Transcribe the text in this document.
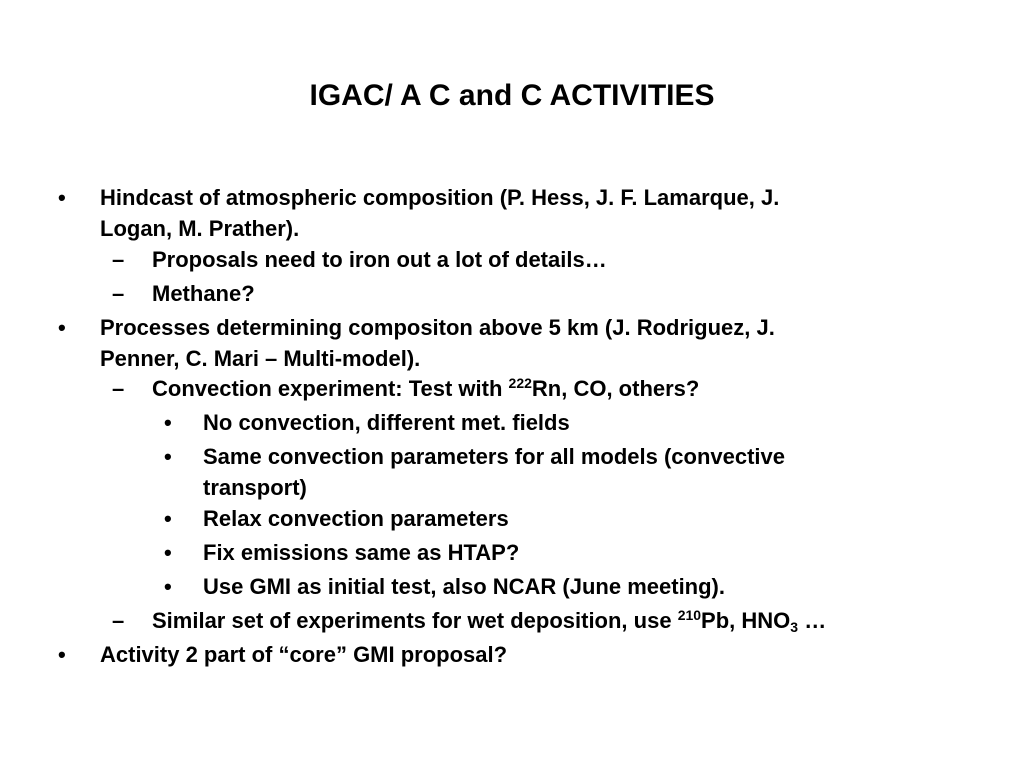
IGAC/ A C and C ACTIVITIES
• Hindcast of atmospheric composition (P. Hess, J. F. Lamarque, J.
Logan, M. Prather).
– Proposals need to iron out a lot of details…
– Methane?
• Processes determining compositon above 5 km (J. Rodriguez, J.
Penner, C. Mari – Multi-model).
– Convection experiment: Test with $^{222}$Rn, CO, others?
• No convection, different met. fields
• Same convection parameters for all models (convective
transport)
• Relax convection parameters
• Fix emissions same as HTAP?
• Use GMI as initial test, also NCAR (June meeting).
– Similar set of experiments for wet deposition, use $^{210}$Pb, $HNO_3$ …
• Activity 2 part of “core” GMI proposal?
